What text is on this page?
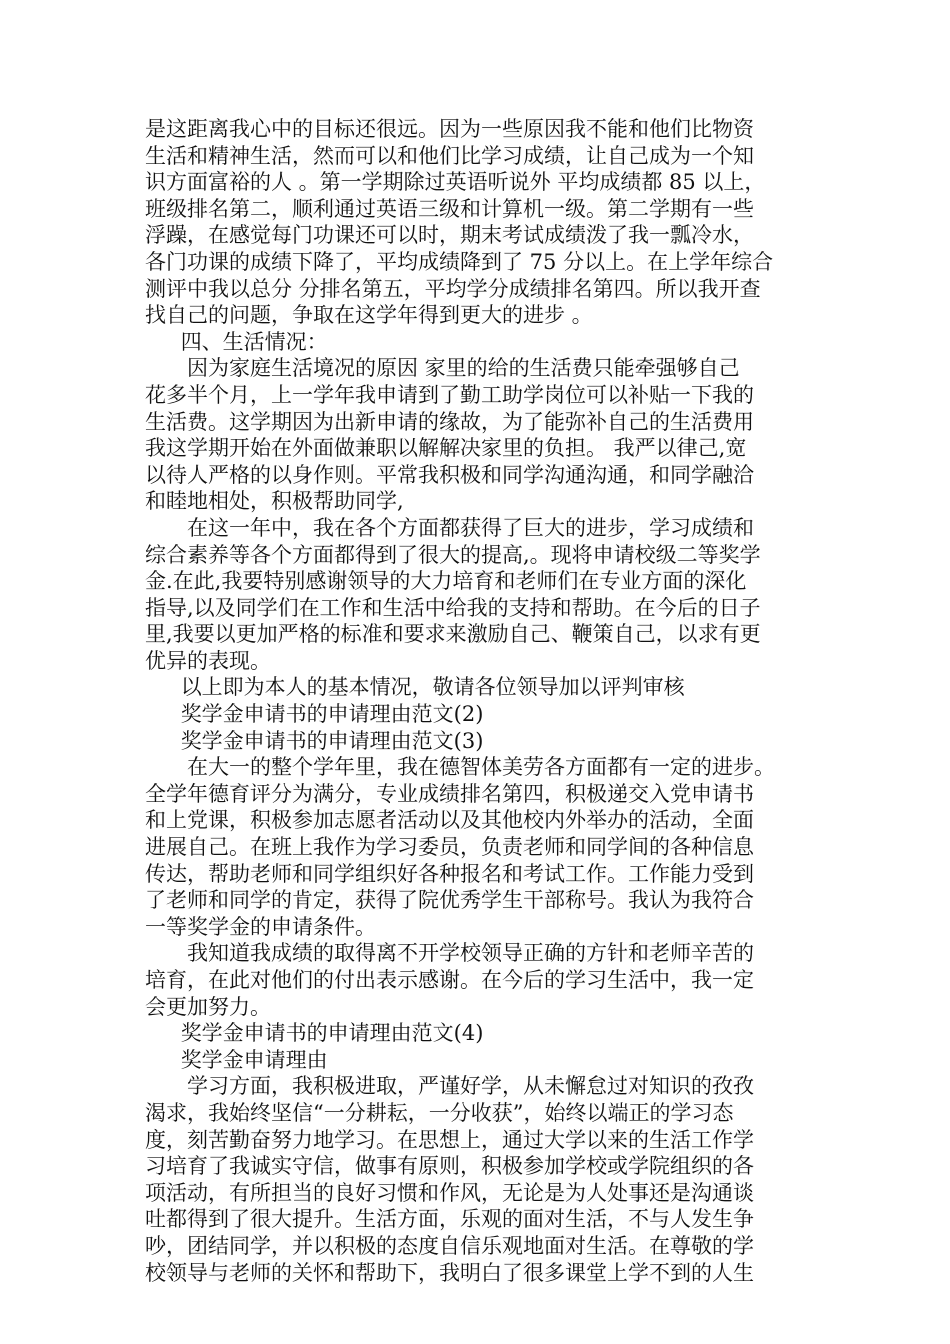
是这距离我心中的目标还很远。因为一些原因我不能和他们比物资

生活和精神生活，然而可以和他们比学习成绩，让自己成为一个知

识方面富裕的人 。第一学期除过英语听说外 平均成绩都 85 以上，

班级排名第二，顺利通过英语三级和计算机一级。第二学期有一些

浮躁，在感觉每门功课还可以时，期末考试成绩泼了我一瓢冷水，

各门功课的成绩下降了，平均成绩降到了 75 分以上。在上学年综合

测评中我以总分 分排名第五，平均学分成绩排名第四。所以我开查

找自己的问题，争取在这学年得到更大的进步 。

四、生活情况：

因为家庭生活境况的原因 家里的给的生活费只能牵强够自己

花多半个月，上一学年我申请到了勤工助学岗位可以补贴一下我的

生活费。这学期因为出新申请的缘故，为了能弥补自己的生活费用

我这学期开始在外面做兼职以解解决家里的负担。 我严以律己,宽

以待人严格的以身作则。平常我积极和同学沟通沟通，和同学融洽

和睦地相处，积极帮助同学,

在这一年中，我在各个方面都获得了巨大的进步，学习成绩和

综合素养等各个方面都得到了很大的提高,。现将申请校级二等奖学

金.在此,我要特别感谢领导的大力培育和老师们在专业方面的深化

指导,以及同学们在工作和生活中给我的支持和帮助。在今后的日子

里,我要以更加严格的标准和要求来激励自己、鞭策自己，以求有更

优异的表现。

以上即为本人的基本情况，敬请各位领导加以评判审核

奖学金申请书的申请理由范文(2)

奖学金申请书的申请理由范文(3)

在大一的整个学年里，我在德智体美劳各方面都有一定的进步。

全学年德育评分为满分，专业成绩排名第四，积极递交入党申请书

和上党课，积极参加志愿者活动以及其他校内外举办的活动，全面

进展自己。在班上我作为学习委员，负责老师和同学间的各种信息

传达，帮助老师和同学组织好各种报名和考试工作。工作能力受到

了老师和同学的肯定，获得了院优秀学生干部称号。我认为我符合

一等奖学金的申请条件。

我知道我成绩的取得离不开学校领导正确的方针和老师辛苦的

培育，在此对他们的付出表示感谢。在今后的学习生活中，我一定

会更加努力。

奖学金申请书的申请理由范文(4)

奖学金申请理由

学习方面，我积极进取，严谨好学，从未懈怠过对知识的孜孜

渴求，我始终坚信“一分耕耘，一分收获”，始终以端正的学习态

度，刻苦勤奋努力地学习。在思想上，通过大学以来的生活工作学

习培育了我诚实守信，做事有原则，积极参加学校或学院组织的各

项活动，有所担当的良好习惯和作风，无论是为人处事还是沟通谈

吐都得到了很大提升。生活方面，乐观的面对生活，不与人发生争

吵，团结同学，并以积极的态度自信乐观地面对生活。在尊敬的学

校领导与老师的关怀和帮助下，我明白了很多课堂上学不到的人生
